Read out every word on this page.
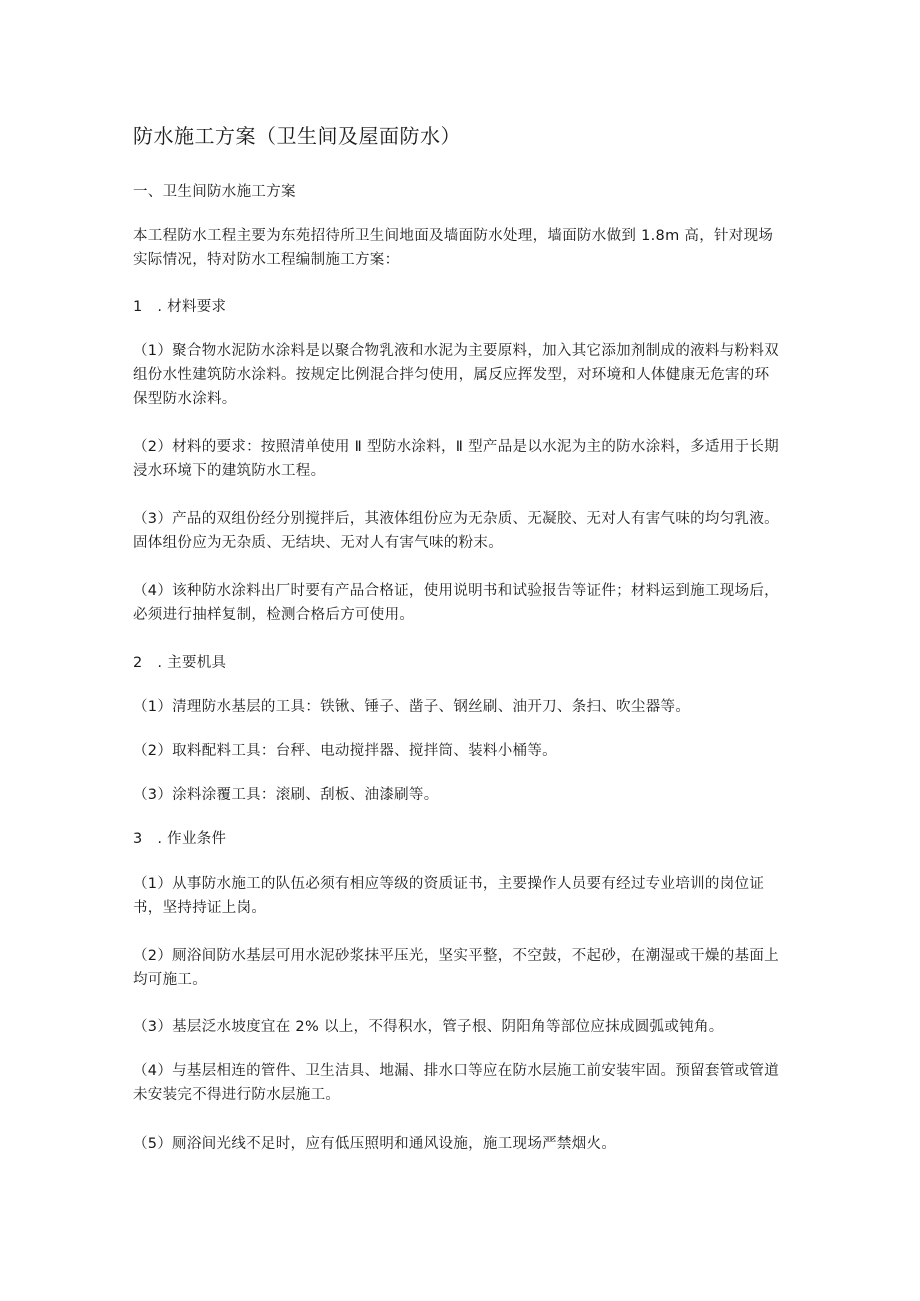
防水施工方案（卫生间及屋面防水）

一、卫生间防水施工方案

本工程防水工程主要为东苑招待所卫生间地面及墙面防水处理，墙面防水做到 1.8m 高，针对现场实际情况，特对防水工程编制施工方案：

1　. 材料要求

（1）聚合物水泥防水涂料是以聚合物乳液和水泥为主要原料，加入其它添加剂制成的液料与粉料双组份水性建筑防水涂料。按规定比例混合拌匀使用，属反应挥发型，对环境和人体健康无危害的环保型防水涂料。

（2）材料的要求：按照清单使用 Ⅱ 型防水涂料，Ⅱ 型产品是以水泥为主的防水涂料，多适用于长期浸水环境下的建筑防水工程。

（3）产品的双组份经分别搅拌后，其液体组份应为无杂质、无凝胶、无对人有害气味的均匀乳液。固体组份应为无杂质、无结块、无对人有害气味的粉末。

（4）该种防水涂料出厂时要有产品合格证，使用说明书和试验报告等证件；材料运到施工现场后，必须进行抽样复制，检测合格后方可使用。

2　. 主要机具

（1）清理防水基层的工具：铁锹、锤子、凿子、钢丝刷、油开刀、条扫、吹尘器等。

（2）取料配料工具：台秤、电动搅拌器、搅拌筒、装料小桶等。

（3）涂料涂覆工具：滚刷、刮板、油漆刷等。

3　. 作业条件

（1）从事防水施工的队伍必须有相应等级的资质证书，主要操作人员要有经过专业培训的岗位证书，坚持持证上岗。

（2）厕浴间防水基层可用水泥砂浆抹平压光，坚实平整，不空鼓，不起砂，在潮湿或干燥的基面上均可施工。

（3）基层泛水坡度宜在 2% 以上，不得积水，管子根、阴阳角等部位应抹成圆弧或钝角。

（4）与基层相连的管件、卫生洁具、地漏、排水口等应在防水层施工前安装牢固。预留套管或管道未安装完不得进行防水层施工。

（5）厕浴间光线不足时，应有低压照明和通风设施，施工现场严禁烟火。
